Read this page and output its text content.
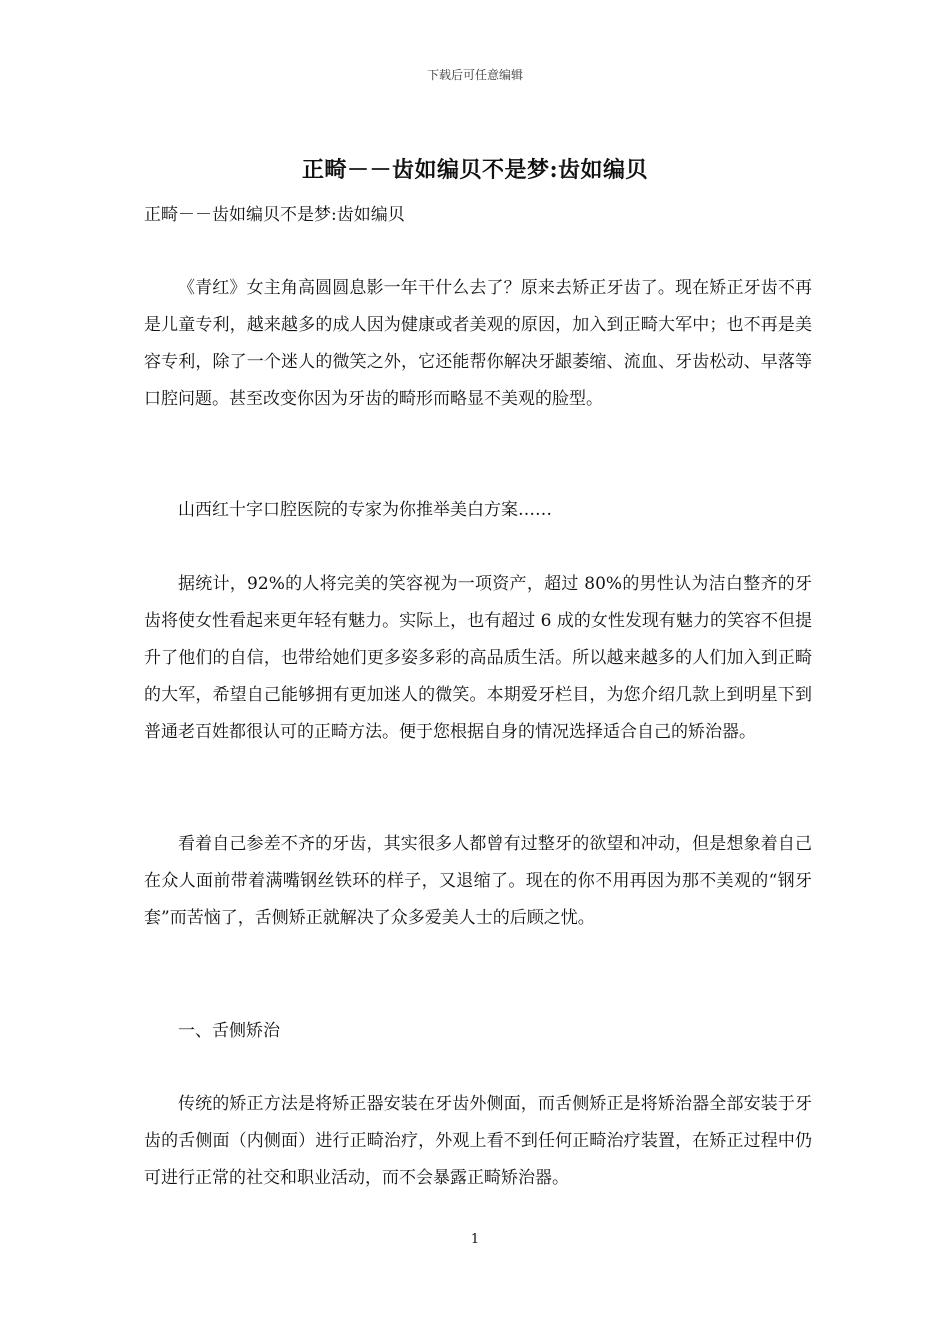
下载后可任意编辑
正畸－－齿如编贝不是梦:齿如编贝
正畸－－齿如编贝不是梦:齿如编贝

《青红》女主角高圆圆息影一年干什么去了？原来去矫正牙齿了。现在矫正牙齿不再是儿童专利，越来越多的成人因为健康或者美观的原因，加入到正畸大军中；也不再是美容专利，除了一个迷人的微笑之外，它还能帮你解决牙龈萎缩、流血、牙齿松动、早落等口腔问题。甚至改变你因为牙齿的畸形而略显不美观的脸型。

山西红十字口腔医院的专家为你推举美白方案……

据统计，92%的人将完美的笑容视为一项资产，超过 80%的男性认为洁白整齐的牙齿将使女性看起来更年轻有魅力。实际上，也有超过 6 成的女性发现有魅力的笑容不但提升了他们的自信，也带给她们更多姿多彩的高品质生活。所以越来越多的人们加入到正畸的大军，希望自己能够拥有更加迷人的微笑。本期爱牙栏目，为您介绍几款上到明星下到普通老百姓都很认可的正畸方法。便于您根据自身的情况选择适合自己的矫治器。

看着自己参差不齐的牙齿，其实很多人都曾有过整牙的欲望和冲动，但是想象着自己在众人面前带着满嘴钢丝铁环的样子，又退缩了。现在的你不用再因为那不美观的“钢牙套”而苦恼了，舌侧矫正就解决了众多爱美人士的后顾之忧。

一、舌侧矫治

传统的矫正方法是将矫正器安装在牙齿外侧面，而舌侧矫正是将矫治器全部安装于牙齿的舌侧面（内侧面）进行正畸治疗，外观上看不到任何正畸治疗装置，在矫正过程中仍可进行正常的社交和职业活动，而不会暴露正畸矫治器。

1
